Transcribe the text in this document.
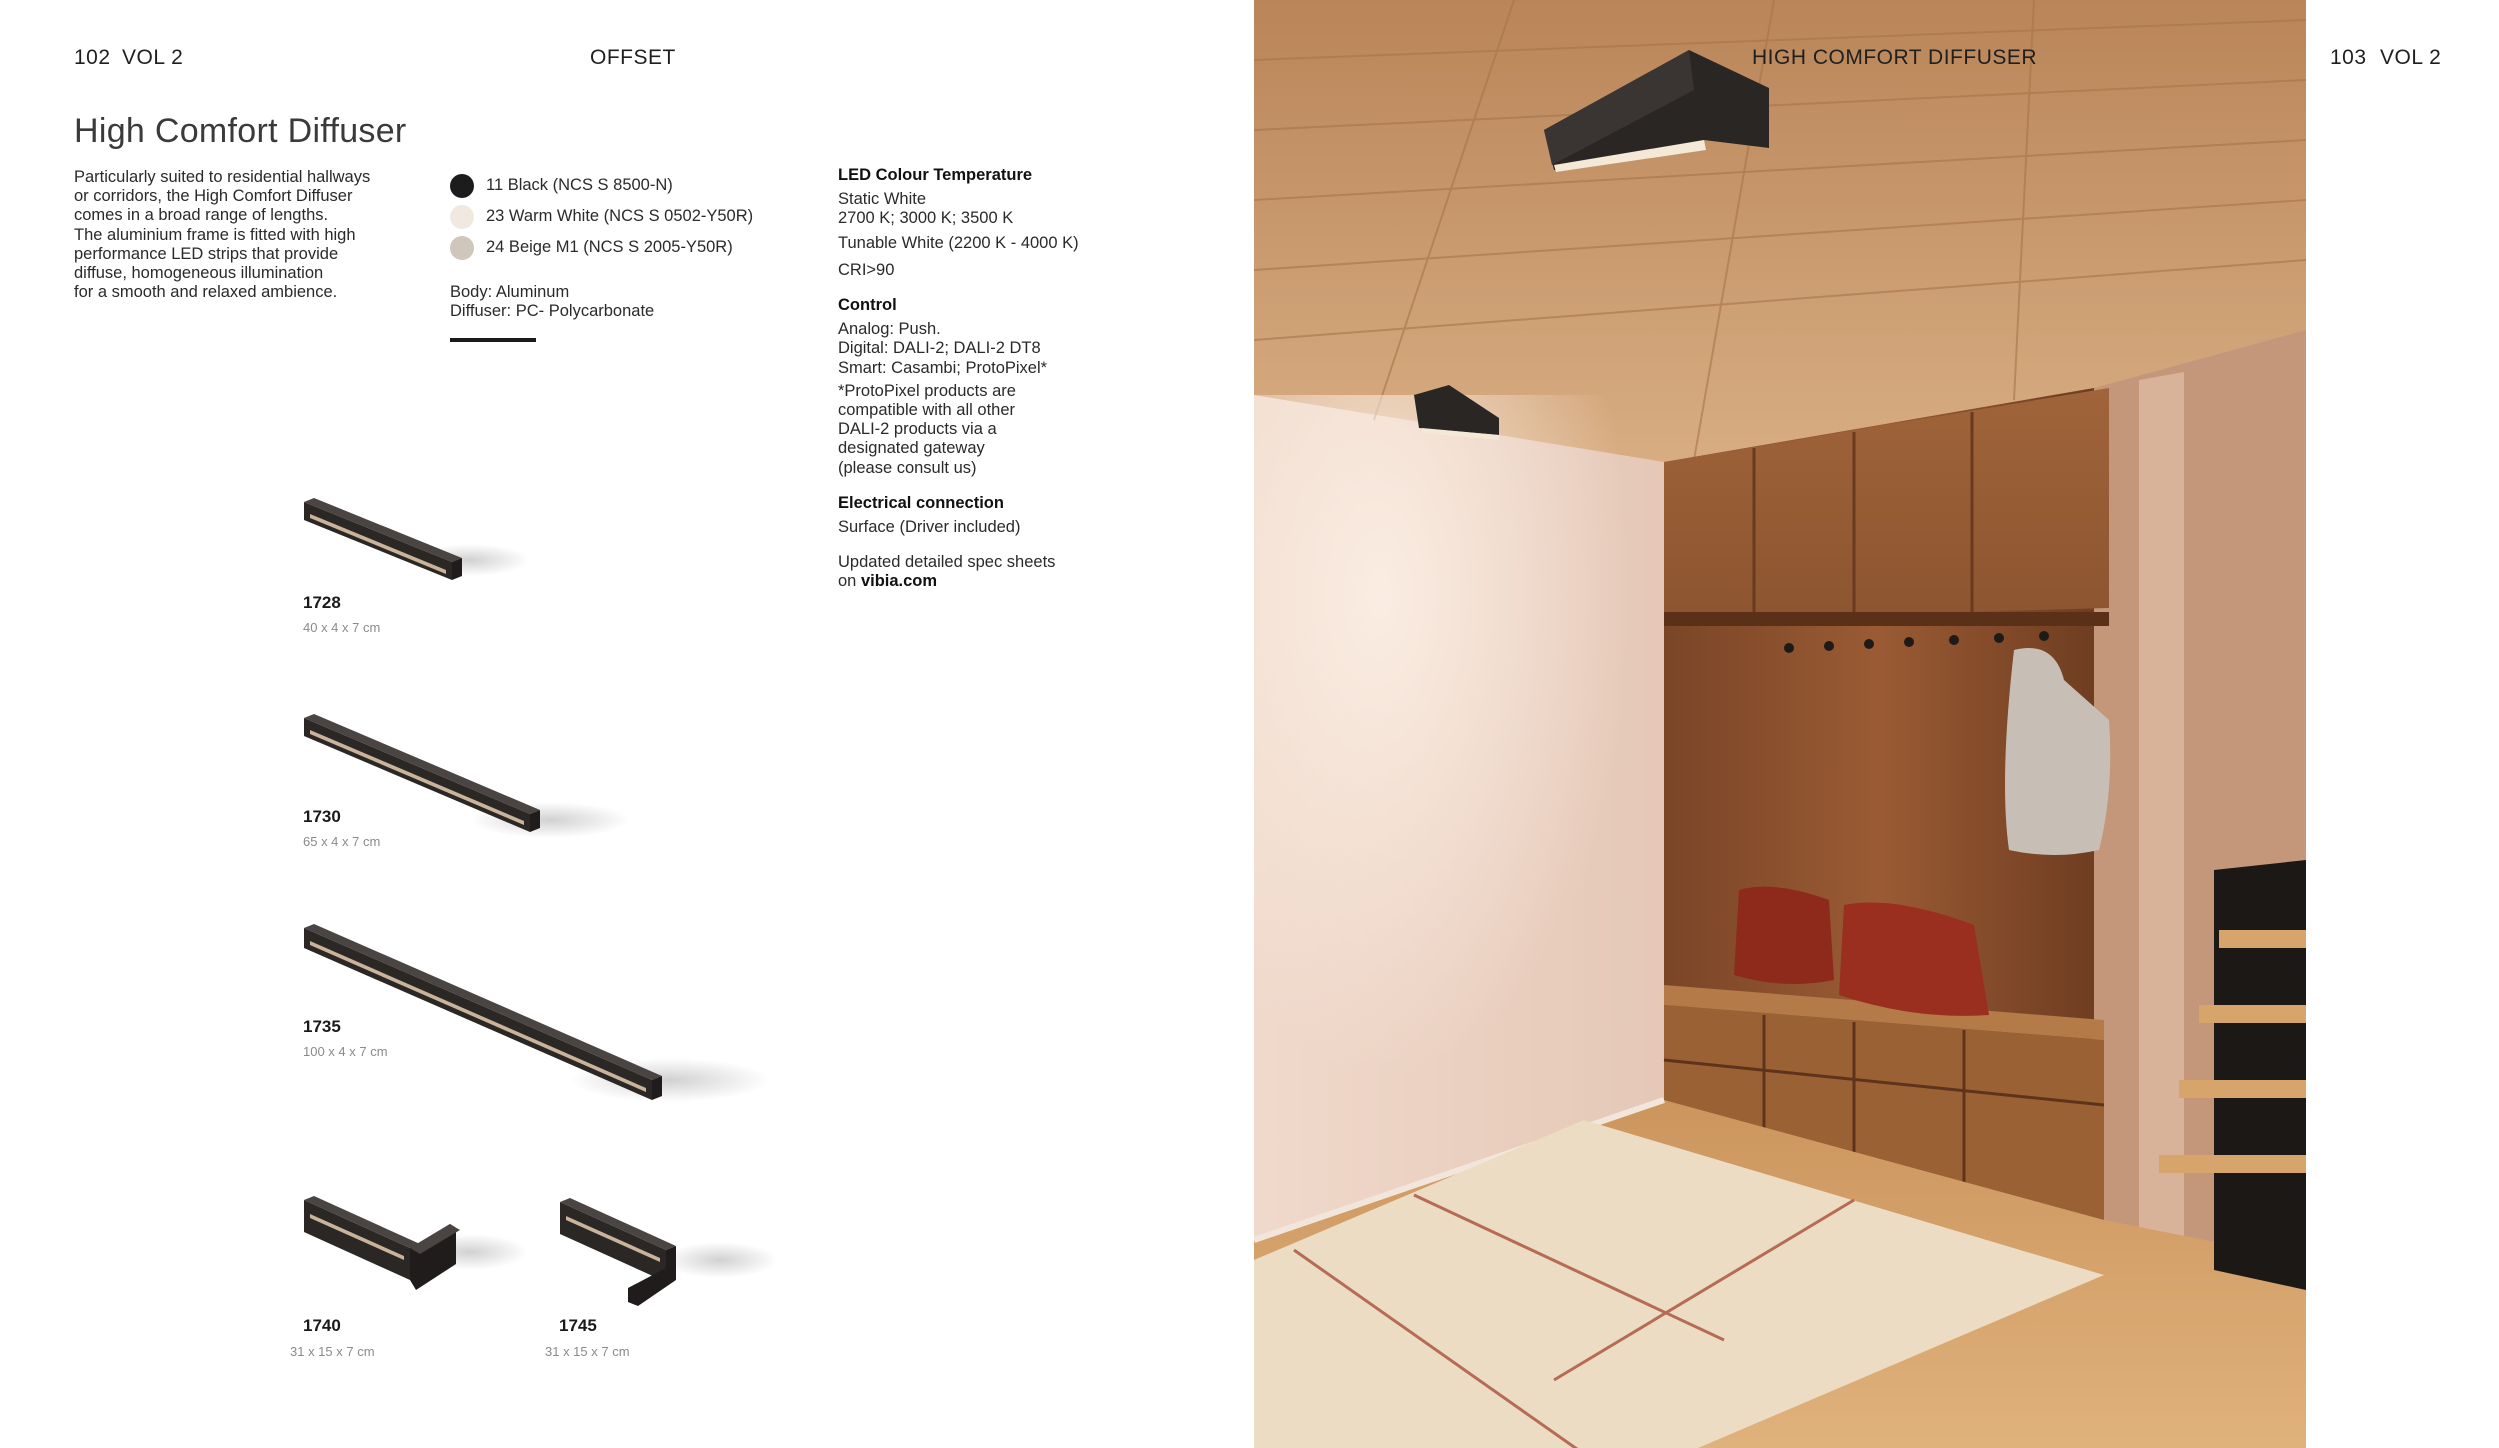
102 VOL 2	OFFSET
High Comfort Diffuser
Particularly suited to residential hallways
or corridors, the High Comfort Diffuser
comes in a broad range of lengths.
The aluminium frame is fitted with high
performance LED strips that provide
diffuse, homogeneous illumination
for a smooth and relaxed ambience.
11 Black (NCS S 8500-N)
23 Warm White (NCS S 0502-Y50R)
24 Beige M1 (NCS S 2005-Y50R)
Body: Aluminum
Diffuser: PC- Polycarbonate
LED Colour Temperature
Static White
2700 K; 3000 K; 3500 K
Tunable White (2200 K - 4000 K)
CRI>90
Control
Analog: Push.
Digital: DALI-2; DALI-2 DT8
Smart: Casambi; ProtoPixel*
*ProtoPixel products are
compatible with all other
DALI-2 products via a
designated gateway
(please consult us)
Electrical connection
Surface (Driver included)
Updated detailed spec sheets
on vibia.com
1728
40 x 4 x 7 cm
1730
65 x 4 x 7 cm
1735
100 x 4 x 7 cm
1740
31 x 15 x 7 cm
1745
31 x 15 x 7 cm
HIGH COMFORT DIFFUSER	103 VOL 2
